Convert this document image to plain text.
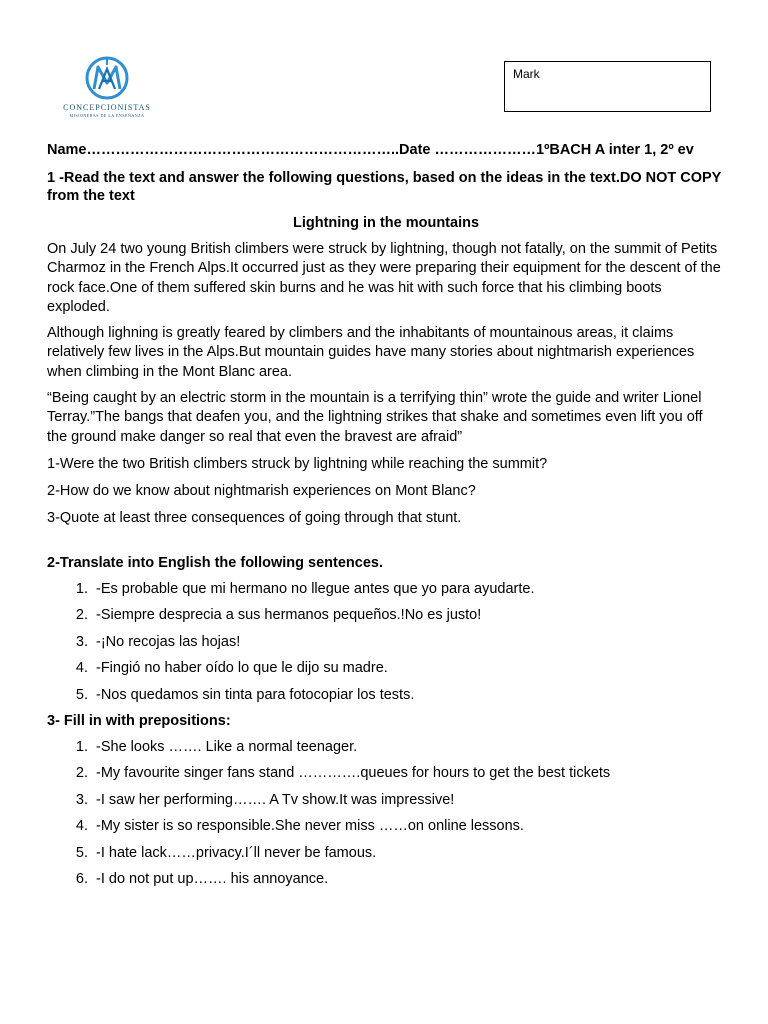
CONCEPCIONISTAS
MISIONERAS DE LA ENSEÑANZA
Mark

Name………………………………………………………..Date …………………1ºBACH A inter 1, 2º ev

1 -Read the text and answer the following questions, based on the ideas in the text.DO NOT COPY from the text

Lightning in the mountains

On July 24 two young British climbers were struck by lightning, though not fatally, on the summit of Petits Charmoz in the French Alps.It occurred just as they were preparing their equipment for the descent of the rock face.One of them suffered skin burns and he was hit with such force that his climbing boots exploded.

Although lighning is greatly feared by climbers and the inhabitants of mountainous areas, it claims relatively few lives in the Alps.But mountain guides have many stories about nightmarish experiences when climbing in the Mont Blanc area.

“Being caught by an electric storm in the mountain is a terrifying thin” wrote the guide and writer Lionel Terray.”The bangs that deafen you, and the lightning strikes that shake and sometimes even lift you off the ground make danger so real that even the bravest are afraid”

1-Were the two British climbers struck by lightning while reaching the summit?

2-How do we know about nightmarish experiences on Mont Blanc?

3-Quote at least three consequences of going through that stunt.

2-Translate into English the following sentences.

1. -Es probable que mi hermano no llegue antes que yo para ayudarte.
2. -Siempre desprecia a sus hermanos pequeños.!No es justo!
3. -¡No recojas las hojas!
4. -Fingió no haber oído lo que le dijo su madre.
5. -Nos quedamos sin tinta para fotocopiar los tests.

3- Fill in with prepositions:

1. -She looks ……. Like a normal teenager.
2. -My favourite singer fans stand ………….queues for hours to get the best tickets
3. -I saw her performing……. A Tv show.It was impressive!
4. -My sister is so responsible.She never miss ……on online lessons.
5. -I hate lack……privacy.I´ll never be famous.
6. -I do not put up……. his annoyance.
